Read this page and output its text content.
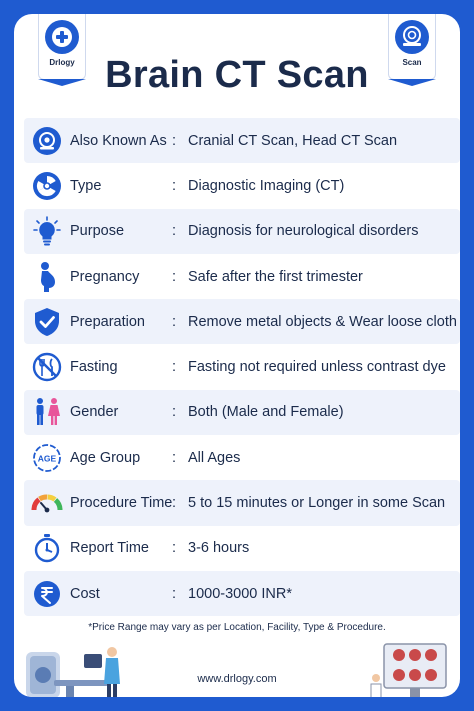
Drlogy	Scan
Brain CT Scan
Also Known As : Cranial CT Scan, Head CT Scan
Type	: Diagnostic Imaging (CT)
Purpose	: Diagnosis for neurological disorders
Pregnancy	: Safe after the first trimester
Preparation	: Remove metal objects & Wear loose cloth
Fasting	: Fasting not required unless contrast dye
Gender	: Both (Male and Female)
AGE Age Group	: All Ages
Procedure Time : 5 to 15 minutes or Longer in some Scan
Report Time	: 3-6 hours
Cost	: 1000-3000 INR*
*Price Range may vary as per Location, Facility, Type & Procedure.
www.drlogy.com
